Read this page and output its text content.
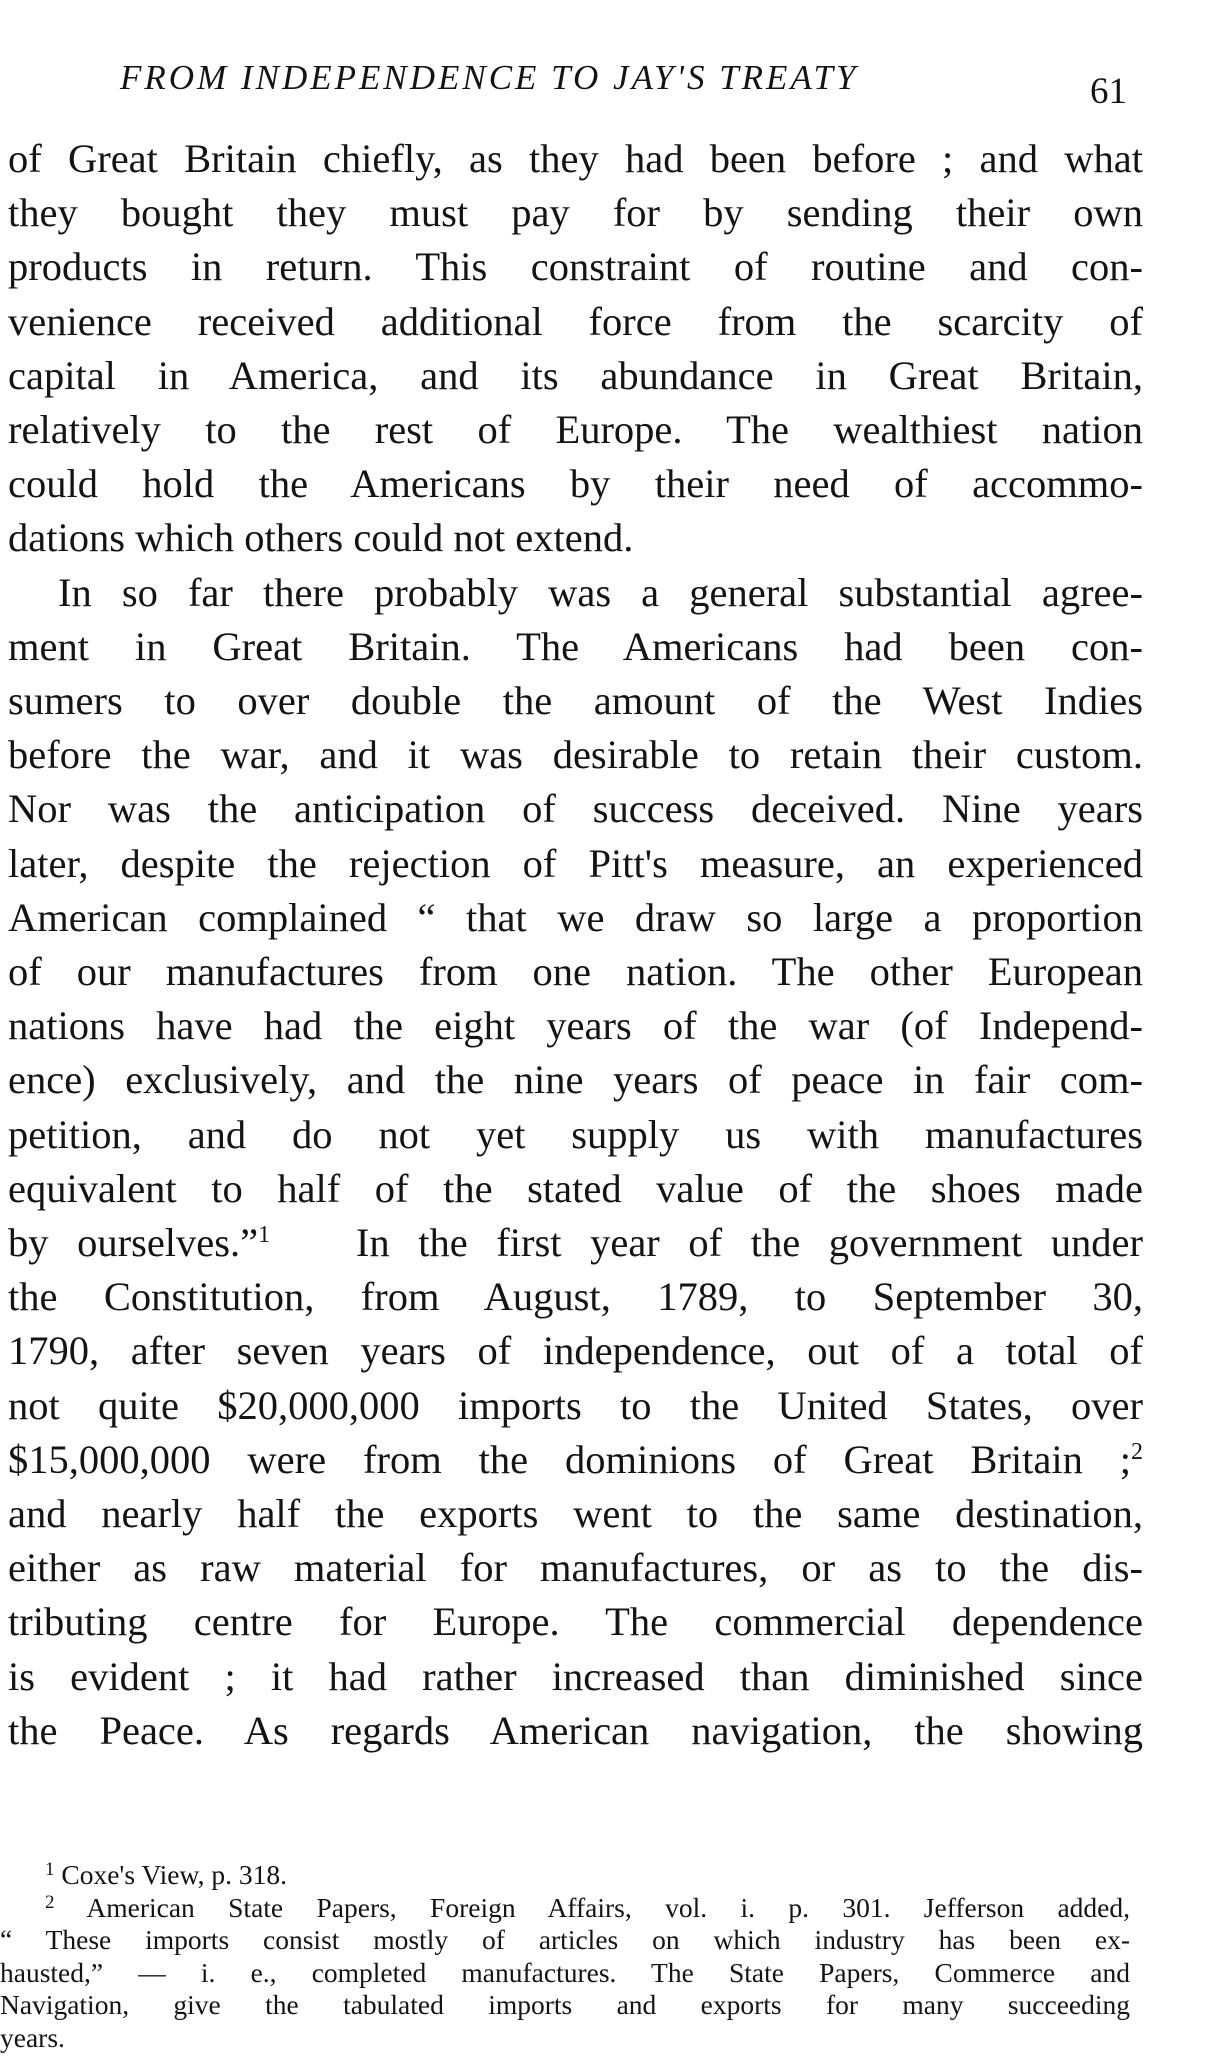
FROM INDEPENDENCE TO JAY'S TREATY	61

of Great Britain chiefly, as they had been before ; and what
they bought they must pay for by sending their own
products in return. This constraint of routine and con-
venience received additional force from the scarcity of
capital in America, and its abundance in Great Britain,
relatively to the rest of Europe. The wealthiest nation
could hold the Americans by their need of accommo-
dations which others could not extend.

In so far there probably was a general substantial agree-
ment in Great Britain. The Americans had been con-
sumers to over double the amount of the West Indies
before the war, and it was desirable to retain their custom.
Nor was the anticipation of success deceived. Nine years
later, despite the rejection of Pitt's measure, an experienced
American complained “ that we draw so large a proportion
of our manufactures from one nation. The other European
nations have had the eight years of the war (of Independ-
ence) exclusively, and the nine years of peace in fair com-
petition, and do not yet supply us with manufactures
equivalent to half of the stated value of the shoes made
by ourselves.”$^1$ In the first year of the government under
the Constitution, from August, 1789, to September 30,
1790, after seven years of independence, out of a total of
not quite $20,000,000 imports to the United States, over
$15,000,000 were from the dominions of Great Britain ;$^2$
and nearly half the exports went to the same destination,
either as raw material for manufactures, or as to the dis-
tributing centre for Europe. The commercial dependence
is evident ; it had rather increased than diminished since
the Peace. As regards American navigation, the showing

$^1$ Coxe's View, p. 318.
$^2$ American State Papers, Foreign Affairs, vol. i. p. 301. Jefferson added,
“ These imports consist mostly of articles on which industry has been ex-
hausted,” — i. e., completed manufactures. The State Papers, Commerce and
Navigation, give the tabulated imports and exports for many succeeding
years.
